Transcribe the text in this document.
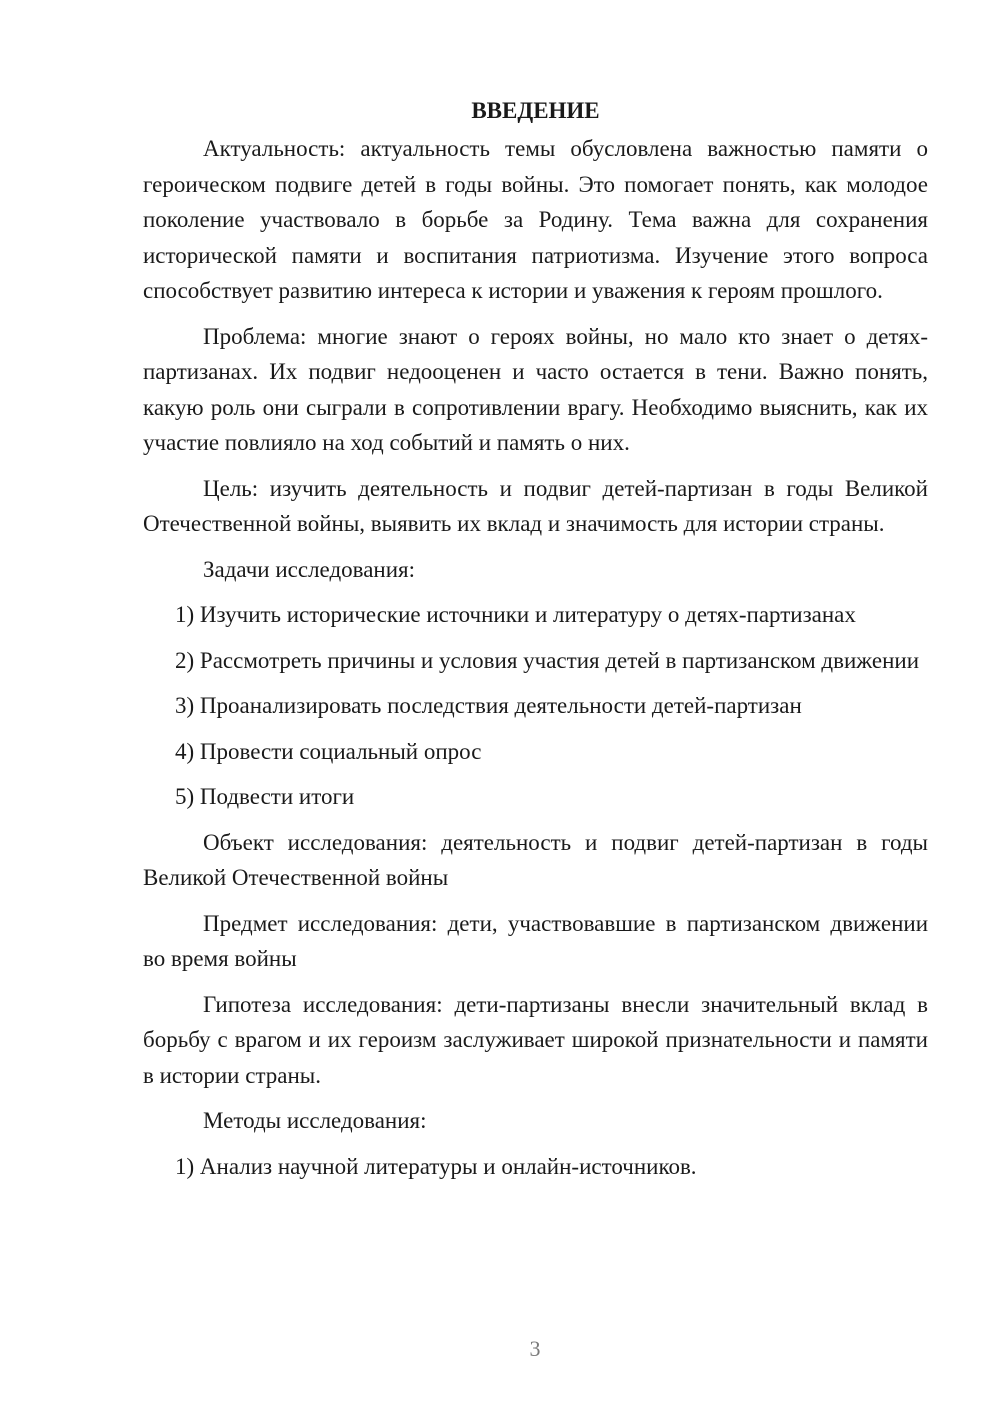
ВВЕДЕНИЕ

Актуальность: актуальность темы обусловлена важностью памяти о героическом подвиге детей в годы войны. Это помогает понять, как молодое поколение участвовало в борьбе за Родину. Тема важна для сохранения исторической памяти и воспитания патриотизма. Изучение этого вопроса способствует развитию интереса к истории и уважения к героям прошлого.

Проблема: многие знают о героях войны, но мало кто знает о детях-партизанах. Их подвиг недооценен и часто остается в тени. Важно понять, какую роль они сыграли в сопротивлении врагу. Необходимо выяснить, как их участие повлияло на ход событий и память о них.

Цель: изучить деятельность и подвиг детей-партизан в годы Великой Отечественной войны, выявить их вклад и значимость для истории страны.

Задачи исследования:

1) Изучить исторические источники и литературу о детях-партизанах

2) Рассмотреть причины и условия участия детей в партизанском движении

3) Проанализировать последствия деятельности детей-партизан

4) Провести социальный опрос

5) Подвести итоги

Объект исследования: деятельность и подвиг детей-партизан в годы Великой Отечественной войны

Предмет исследования: дети, участвовавшие в партизанском движении во время войны

Гипотеза исследования: дети-партизаны внесли значительный вклад в борьбу с врагом и их героизм заслуживает широкой признательности и памяти в истории страны.

Методы исследования:

1) Анализ научной литературы и онлайн-источников.

3
